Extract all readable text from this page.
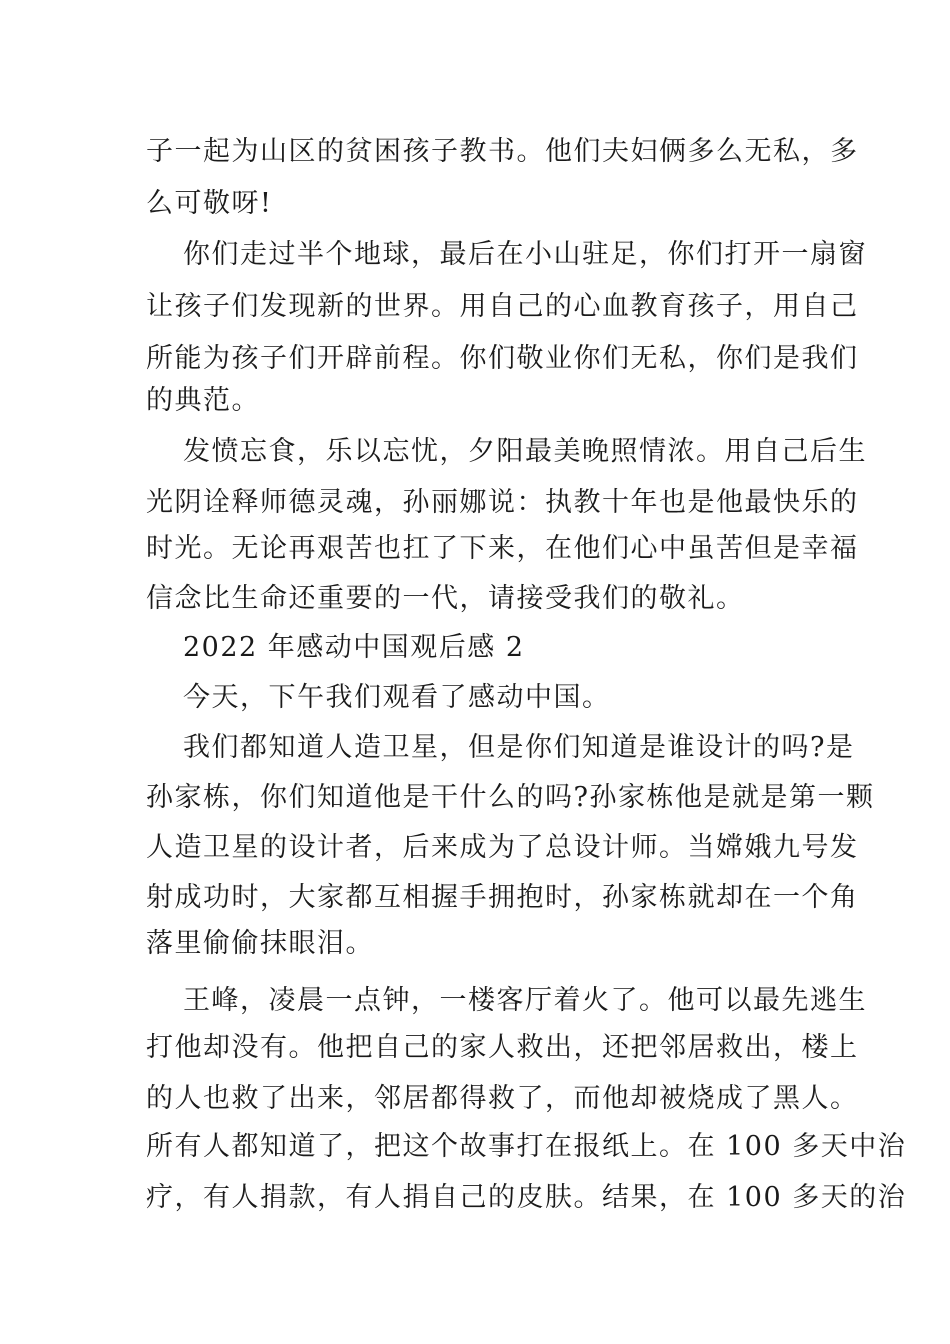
子一起为山区的贫困孩子教书。他们夫妇俩多么无私，多
么可敬呀!
你们走过半个地球，最后在小山驻足，你们打开一扇窗
让孩子们发现新的世界。用自己的心血教育孩子，用自己
所能为孩子们开辟前程。你们敬业你们无私，你们是我们
的典范。
发愤忘食，乐以忘忧，夕阳最美晚照情浓。用自己后生
光阴诠释师德灵魂，孙丽娜说：执教十年也是他最快乐的
时光。无论再艰苦也扛了下来，在他们心中虽苦但是幸福
信念比生命还重要的一代，请接受我们的敬礼。
2022 年感动中国观后感 2
今天，下午我们观看了感动中国。
我们都知道人造卫星，但是你们知道是谁设计的吗?是
孙家栋，你们知道他是干什么的吗?孙家栋他是就是第一颗
人造卫星的设计者，后来成为了总设计师。当嫦娥九号发
射成功时，大家都互相握手拥抱时，孙家栋就却在一个角
落里偷偷抹眼泪。
王峰，凌晨一点钟，一楼客厅着火了。他可以最先逃生
打他却没有。他把自己的家人救出，还把邻居救出，楼上
的人也救了出来，邻居都得救了，而他却被烧成了黑人。
所有人都知道了，把这个故事打在报纸上。在 100 多天中治
疗，有人捐款，有人捐自己的皮肤。结果，在 100 多天的治
